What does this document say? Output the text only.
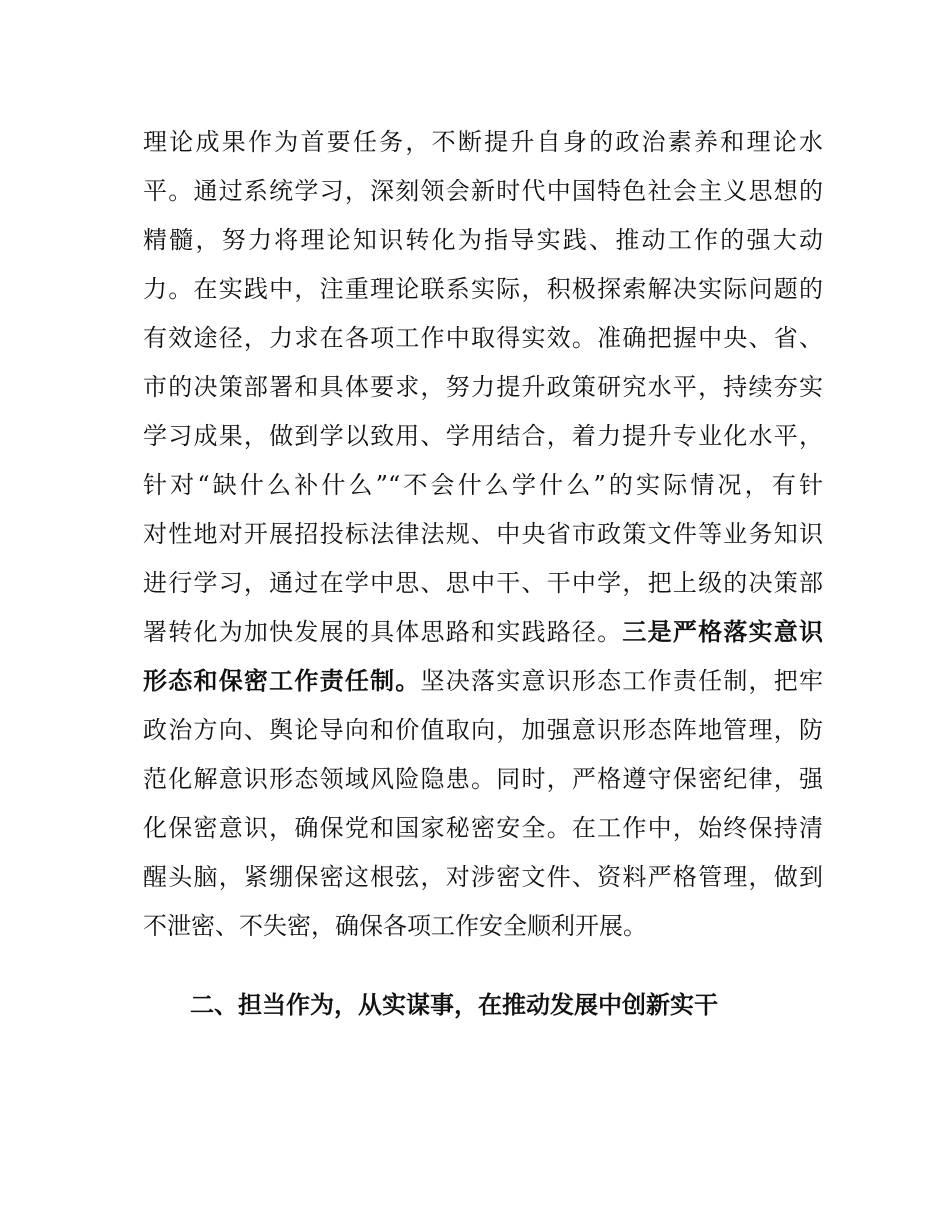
理论成果作为首要任务，不断提升自身的政治素养和理论水
平。通过系统学习，深刻领会新时代中国特色社会主义思想的
精髓，努力将理论知识转化为指导实践、推动工作的强大动
力。在实践中，注重理论联系实际，积极探索解决实际问题的
有效途径，力求在各项工作中取得实效。准确把握中央、省、
市的决策部署和具体要求，努力提升政策研究水平，持续夯实
学习成果，做到学以致用、学用结合，着力提升专业化水平，
针对“缺什么补什么”“不会什么学什么”的实际情况，有针
对性地对开展招投标法律法规、中央省市政策文件等业务知识
进行学习，通过在学中思、思中干、干中学，把上级的决策部
署转化为加快发展的具体思路和实践路径。三是严格落实意识
形态和保密工作责任制。坚决落实意识形态工作责任制，把牢
政治方向、舆论导向和价值取向，加强意识形态阵地管理，防
范化解意识形态领域风险隐患。同时，严格遵守保密纪律，强
化保密意识，确保党和国家秘密安全。在工作中，始终保持清
醒头脑，紧绷保密这根弦，对涉密文件、资料严格管理，做到
不泄密、不失密，确保各项工作安全顺利开展。
二、担当作为，从实谋事，在推动发展中创新实干
